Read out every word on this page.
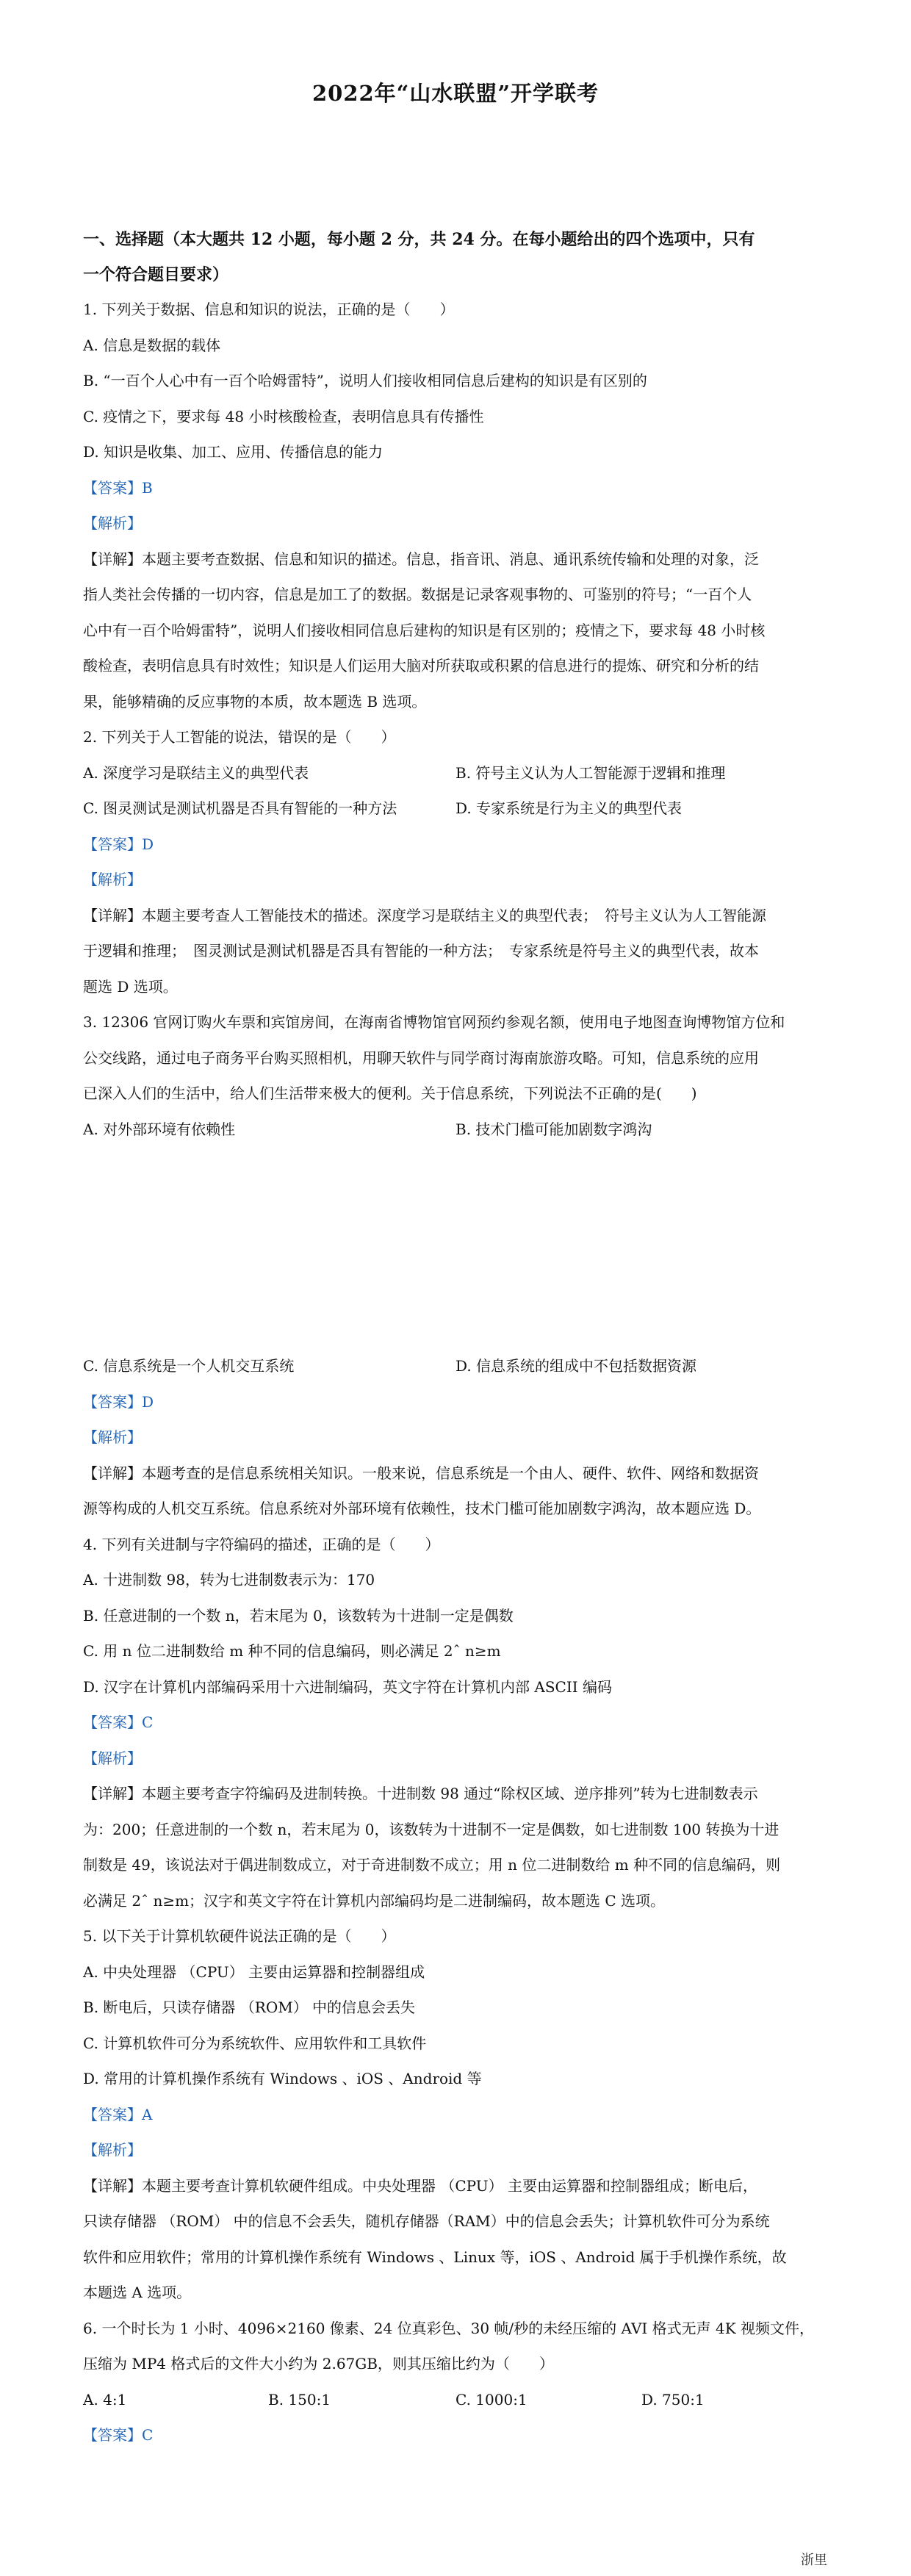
2022年“山水联盟”开学联考
一、选择题（本大题共 12 小题，每小题 2 分，共 24 分。在每小题给出的四个选项中，只有
一个符合题目要求）
1. 下列关于数据、信息和知识的说法，正确的是（　　）
A. 信息是数据的载体
B. “一百个人心中有一百个哈姆雷特”，说明人们接收相同信息后建构的知识是有区别的
C. 疫情之下，要求每 48 小时核酸检查，表明信息具有传播性
D. 知识是收集、加工、应用、传播信息的能力
【答案】B
【解析】
【详解】本题主要考查数据、信息和知识的描述。信息，指音讯、消息、通讯系统传输和处理的对象，泛
指人类社会传播的一切内容，信息是加工了的数据。数据是记录客观事物的、可鉴别的符号；“一百个人
心中有一百个哈姆雷特”，说明人们接收相同信息后建构的知识是有区别的；疫情之下，要求每 48 小时核
酸检查，表明信息具有时效性；知识是人们运用大脑对所获取或积累的信息进行的提炼、研究和分析的结
果，能够精确的反应事物的本质，故本题选 B 选项。
2. 下列关于人工智能的说法，错误的是（　　）
A. 深度学习是联结主义的典型代表	B. 符号主义认为人工智能源于逻辑和推理
C. 图灵测试是测试机器是否具有智能的一种方法	D. 专家系统是行为主义的典型代表
【答案】D
【解析】
【详解】本题主要考查人工智能技术的描述。深度学习是联结主义的典型代表；　符号主义认为人工智能源
于逻辑和推理；　图灵测试是测试机器是否具有智能的一种方法；　专家系统是符号主义的典型代表，故本
题选 D 选项。
3. 12306 官网订购火车票和宾馆房间，在海南省博物馆官网预约参观名额，使用电子地图查询博物馆方位和
公交线路，通过电子商务平台购买照相机，用聊天软件与同学商讨海南旅游攻略。可知，信息系统的应用
已深入人们的生活中，给人们生活带来极大的便利。关于信息系统，下列说法不正确的是(　　)
A. 对外部环境有依赖性	B. 技术门槛可能加剧数字鸿沟
C. 信息系统是一个人机交互系统	D. 信息系统的组成中不包括数据资源
【答案】D
【解析】
【详解】本题考查的是信息系统相关知识。一般来说，信息系统是一个由人、硬件、软件、网络和数据资
源等构成的人机交互系统。信息系统对外部环境有依赖性，技术门槛可能加剧数字鸿沟，故本题应选 D。
4. 下列有关进制与字符编码的描述，正确的是（　　）
A. 十进制数 98，转为七进制数表示为：170
B. 任意进制的一个数 n，若末尾为 0，该数转为十进制一定是偶数
C. 用 n 位二进制数给 m 种不同的信息编码，则必满足 2ˆ n≥m
D. 汉字在计算机内部编码采用十六进制编码，英文字符在计算机内部 ASCII 编码
【答案】C
【解析】
【详解】本题主要考查字符编码及进制转换。十进制数 98 通过“除权区域、逆序排列”转为七进制数表示
为：200；任意进制的一个数 n，若末尾为 0，该数转为十进制不一定是偶数，如七进制数 100 转换为十进
制数是 49，该说法对于偶进制数成立，对于奇进制数不成立；用 n 位二进制数给 m 种不同的信息编码，则
必满足 2ˆ n≥m；汉字和英文字符在计算机内部编码均是二进制编码，故本题选 C 选项。
5. 以下关于计算机软硬件说法正确的是（　　）
A. 中央处理器 （CPU） 主要由运算器和控制器组成
B. 断电后，只读存储器 （ROM） 中的信息会丢失
C. 计算机软件可分为系统软件、应用软件和工具软件
D. 常用的计算机操作系统有 Windows 、iOS 、Android 等
【答案】A
【解析】
【详解】本题主要考查计算机软硬件组成。中央处理器 （CPU） 主要由运算器和控制器组成；断电后，
只读存储器 （ROM） 中的信息不会丢失，随机存储器（RAM）中的信息会丢失；计算机软件可分为系统
软件和应用软件；常用的计算机操作系统有 Windows 、Linux 等，iOS 、Android 属于手机操作系统，故
本题选 A 选项。
6. 一个时长为 1 小时、4096×2160 像素、24 位真彩色、30 帧/秒的未经压缩的 AVI 格式无声 4K 视频文件，
压缩为 MP4 格式后的文件大小约为 2.67GB，则其压缩比约为（　　）
A. 4:1	B. 150:1	C. 1000:1	D. 750:1
【答案】C
浙里
